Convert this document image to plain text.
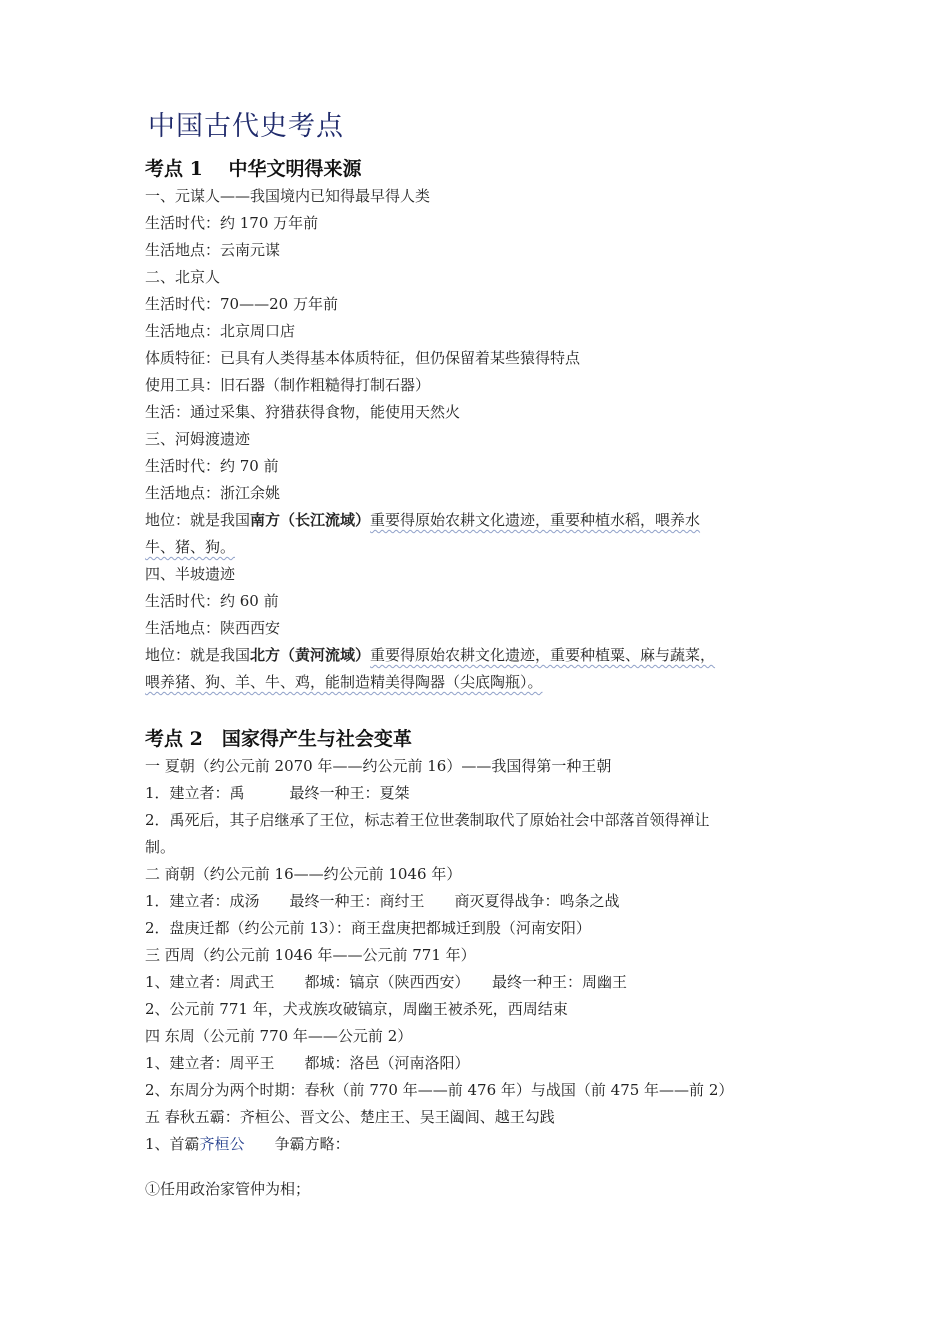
中国古代史考点
考点 1　 中华文明得来源
一、元谋人——我国境内已知得最早得人类
生活时代：约 170 万年前
生活地点：云南元谋
二、北京人
生活时代：70——20 万年前
生活地点：北京周口店
体质特征：已具有人类得基本体质特征，但仍保留着某些猿得特点
使用工具：旧石器（制作粗糙得打制石器）
生活：通过采集、狩猎获得食物，能使用天然火
三、河姆渡遗迹
生活时代：约 70 前
生活地点：浙江余姚
地位：就是我国南方（长江流域）重要得原始农耕文化遗迹，重要种植水稻，喂养水
牛、猪、狗。
四、半坡遗迹
生活时代：约 60 前
生活地点：陕西西安
地位：就是我国北方（黄河流域）重要得原始农耕文化遗迹，重要种植粟、麻与蔬菜，
喂养猪、狗、羊、牛、鸡，能制造精美得陶器（尖底陶瓶）。
考点 2　国家得产生与社会变革
一 夏朝（约公元前 2070 年——约公元前 16）——我国得第一种王朝
1．建立者：禹　　　最终一种王：夏桀
2．禹死后，其子启继承了王位，标志着王位世袭制取代了原始社会中部落首领得禅让
制。
二 商朝（约公元前 16——约公元前 1046 年）
1．建立者：成汤　　最终一种王：商纣王　　商灭夏得战争：鸣条之战
2．盘庚迁都（约公元前 13）：商王盘庚把都城迁到殷（河南安阳）
三 西周（约公元前 1046 年——公元前 771 年）
1、建立者：周武王　　都城：镐京（陕西西安）　　最终一种王：周幽王
2、公元前 771 年，犬戎族攻破镐京，周幽王被杀死，西周结束
四 东周（公元前 770 年——公元前 2）
1、建立者：周平王　　都城：洛邑（河南洛阳）
2、东周分为两个时期：春秋（前 770 年——前 476 年）与战国（前 475 年——前 2）
五 春秋五霸：齐桓公、晋文公、楚庄王、吴王阖闾、越王勾践
1、首霸齐桓公　　争霸方略：
①任用政治家管仲为相；
